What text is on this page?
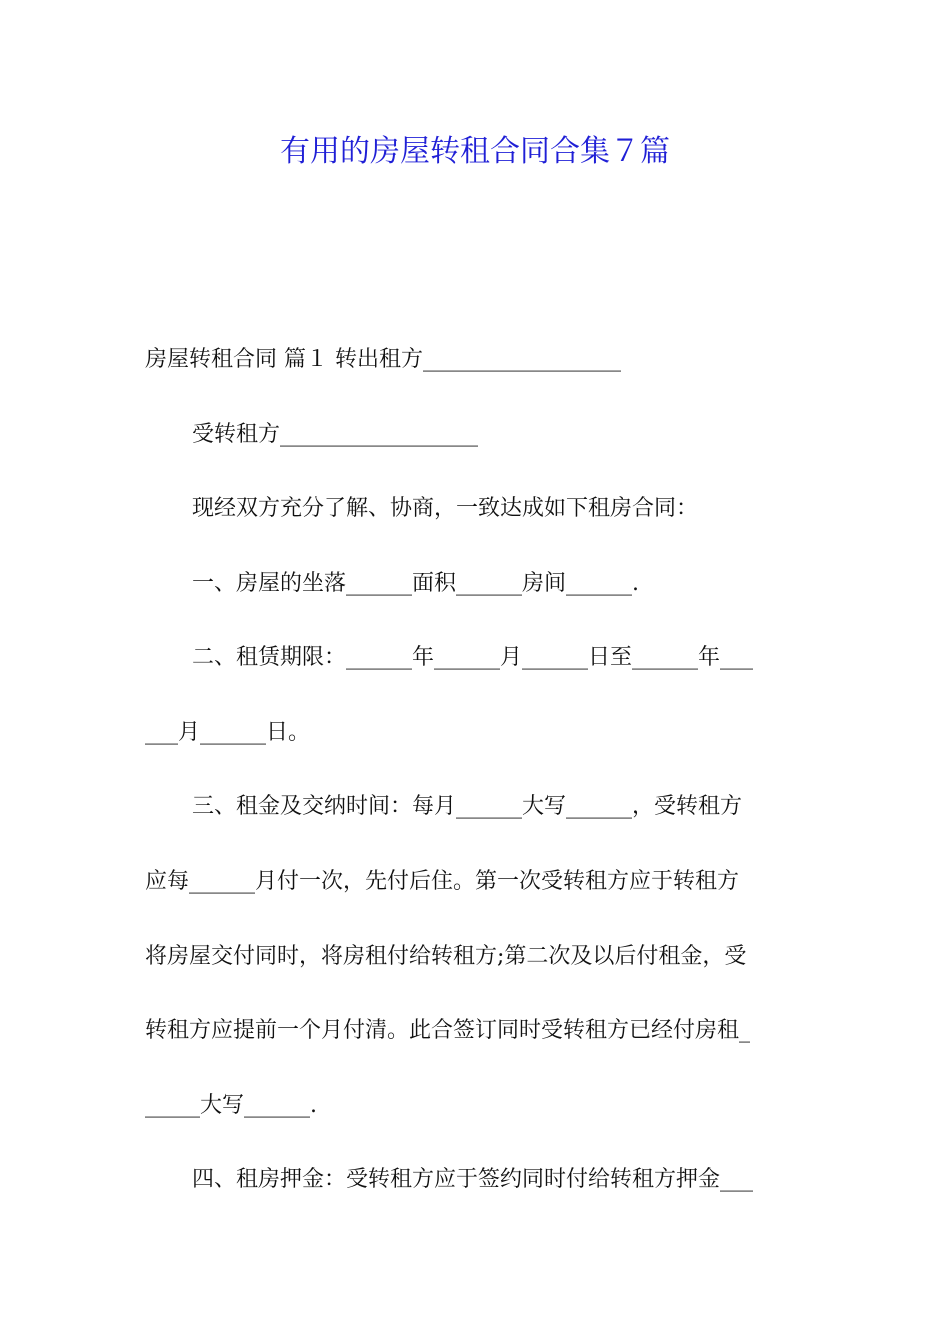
有用的房屋转租合同合集７篇

房屋转租合同 篇１ 转出租方__________________

受转租方__________________

现经双方充分了解、协商，一致达成如下租房合同：

一、房屋的坐落______面积______房间______.

二、租赁期限：______年______月______日至______年___

___月______日。

三、租金及交纳时间：每月______大写______，受转租方

应每______月付一次，先付后住。第一次受转租方应于转租方

将房屋交付同时，将房租付给转租方;第二次及以后付租金，受

转租方应提前一个月付清。此合签订同时受转租方已经付房租_

_____大写______.

四、租房押金：受转租方应于签约同时付给转租方押金___
